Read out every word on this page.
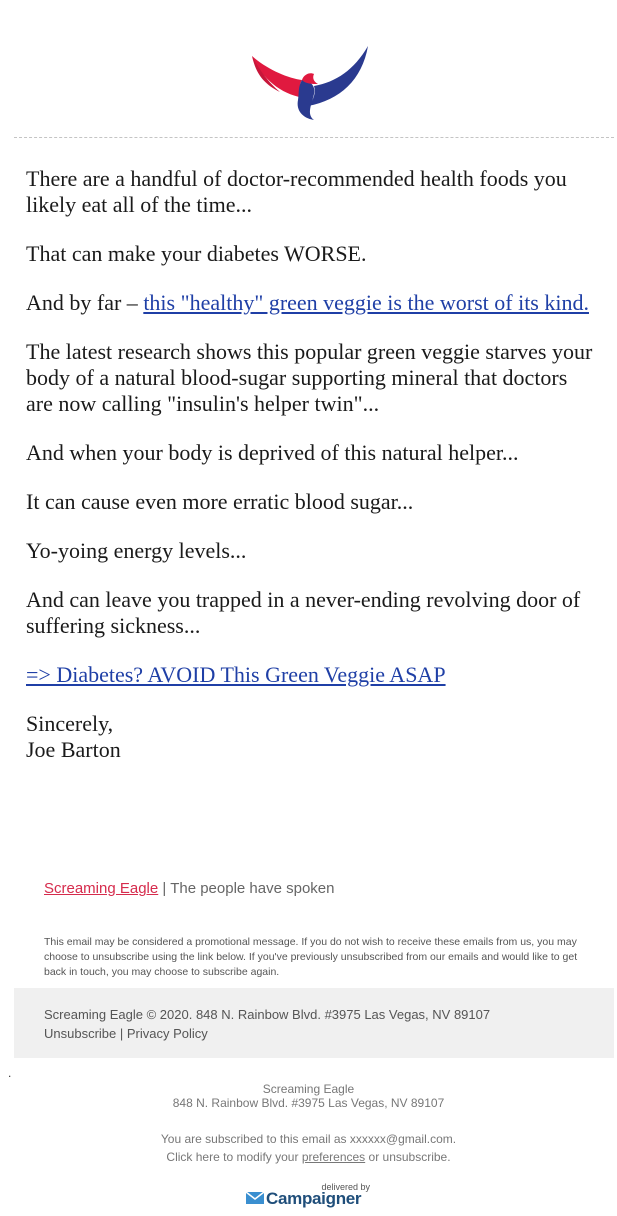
There are a handful of doctor-recommended health foods you likely eat all of the time...

That can make your diabetes WORSE.

And by far – this "healthy" green veggie is the worst of its kind.

The latest research shows this popular green veggie starves your body of a natural blood-sugar supporting mineral that doctors are now calling "insulin's helper twin"...

And when your body is deprived of this natural helper...

It can cause even more erratic blood sugar...

Yo-yoing energy levels...

And can leave you trapped in a never-ending revolving door of suffering sickness...

=> Diabetes? AVOID This Green Veggie ASAP

Sincerely,

Joe Barton

Screaming Eagle | The people have spoken
This email may be considered a promotional message. If you do not wish to receive these emails from us, you may choose to unsubscribe using the link below. If you've previously unsubscribed from our emails and would like to get back in touch, you may choose to subscribe again.
Screaming Eagle © 2020. 848 N. Rainbow Blvd. #3975 Las Vegas, NV 89107
Unsubscribe | Privacy Policy
.
Screaming Eagle
848 N. Rainbow Blvd. #3975 Las Vegas, NV 89107
You are subscribed to this email as xxxxxx@gmail.com.
Click here to modify your preferences or unsubscribe.
delivered by
Campaigner
